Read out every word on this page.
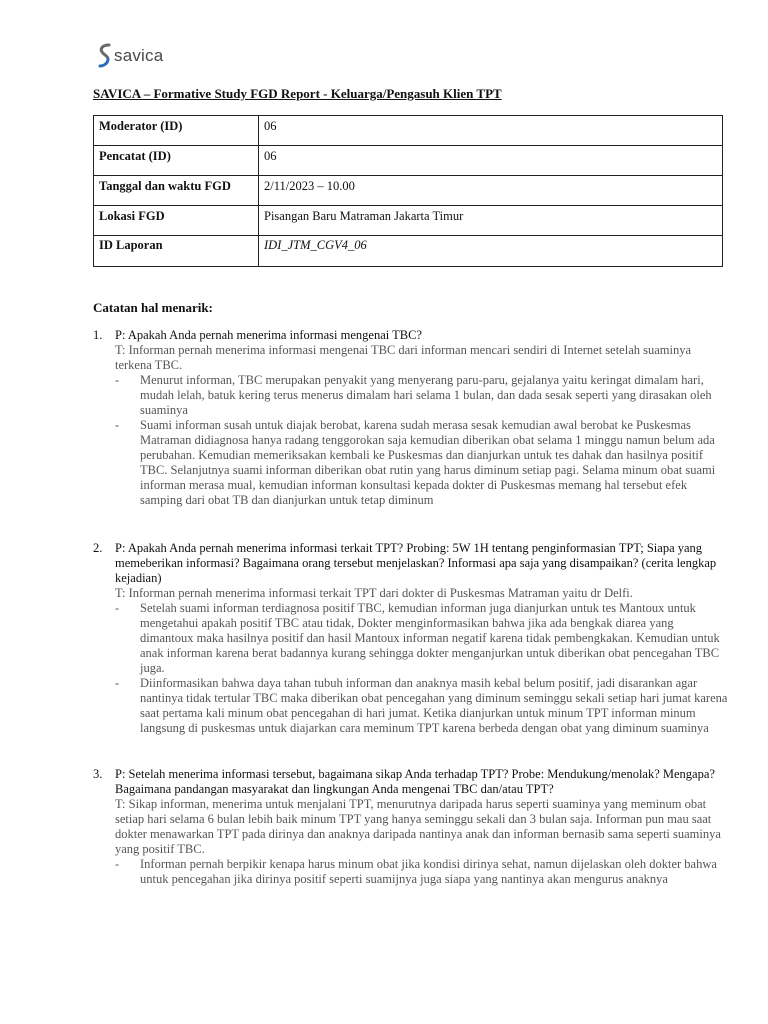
savica
SAVICA – Formative Study FGD Report - Keluarga/Pengasuh Klien TPT
Moderator (ID)	06
Pencatat (ID)	06
Tanggal dan waktu FGD	2/11/2023 – 10.00
Lokasi FGD	Pisangan Baru Matraman Jakarta Timur
ID Laporan	IDI_JTM_CGV4_06
Catatan hal menarik:
1.	P: Apakah Anda pernah menerima informasi mengenai TBC?
T: Informan pernah menerima informasi mengenai TBC dari informan mencari sendiri di Internet setelah suaminya terkena TBC.
-	Menurut informan, TBC merupakan penyakit yang menyerang paru-paru, gejalanya yaitu keringat dimalam hari, mudah lelah, batuk kering terus menerus dimalam hari selama 1 bulan, dan dada sesak seperti yang dirasakan oleh suaminya
-	Suami informan susah untuk diajak berobat, karena sudah merasa sesak kemudian awal berobat ke Puskesmas Matraman didiagnosa hanya radang tenggorokan saja kemudian diberikan obat selama 1 minggu namun belum ada perubahan. Kemudian memeriksakan kembali ke Puskesmas dan dianjurkan untuk tes dahak dan hasilnya positif TBC. Selanjutnya suami informan diberikan obat rutin yang harus diminum setiap pagi. Selama minum obat suami informan merasa mual, kemudian informan konsultasi kepada dokter di Puskesmas memang hal tersebut efek samping dari obat TB dan dianjurkan untuk tetap diminum
2.	P: Apakah Anda pernah menerima informasi terkait TPT? Probing: 5W 1H tentang penginformasian TPT; Siapa yang memeberikan informasi? Bagaimana orang tersebut menjelaskan? Informasi apa saja yang disampaikan? (cerita lengkap kejadian)
T: Informan pernah menerima informasi terkait TPT dari dokter di Puskesmas Matraman yaitu dr Delfi.
-	Setelah suami informan terdiagnosa positif TBC, kemudian informan juga dianjurkan untuk tes Mantoux untuk mengetahui apakah positif TBC atau tidak, Dokter menginformasikan bahwa jika ada bengkak diarea yang dimantoux maka hasilnya positif dan hasil Mantoux informan negatif karena tidak pembengkakan. Kemudian untuk anak informan karena berat badannya kurang sehingga dokter menganjurkan untuk diberikan obat pencegahan TBC juga.
-	Diinformasikan bahwa daya tahan tubuh informan dan anaknya masih kebal belum positif, jadi disarankan agar nantinya tidak tertular TBC maka diberikan obat pencegahan yang diminum seminggu sekali setiap hari jumat karena saat pertama kali minum obat pencegahan di hari jumat. Ketika dianjurkan untuk minum TPT informan minum langsung di puskesmas untuk diajarkan cara meminum TPT karena berbeda dengan obat yang diminum suaminya
3.	P: Setelah menerima informasi tersebut, bagaimana sikap Anda terhadap TPT? Probe: Mendukung/menolak? Mengapa? Bagaimana pandangan masyarakat dan lingkungan Anda mengenai TBC dan/atau TPT?
T: Sikap informan, menerima untuk menjalani TPT, menurutnya daripada harus seperti suaminya yang meminum obat setiap hari selama 6 bulan lebih baik minum TPT yang hanya seminggu sekali dan 3 bulan saja. Informan pun mau saat dokter menawarkan TPT pada dirinya dan anaknya daripada nantinya anak dan informan bernasib sama seperti suaminya yang positif TBC.
-	Informan pernah berpikir kenapa harus minum obat jika kondisi dirinya sehat, namun dijelaskan oleh dokter bahwa untuk pencegahan jika dirinya positif seperti suamijnya juga siapa yang nantinya akan mengurus anaknya
